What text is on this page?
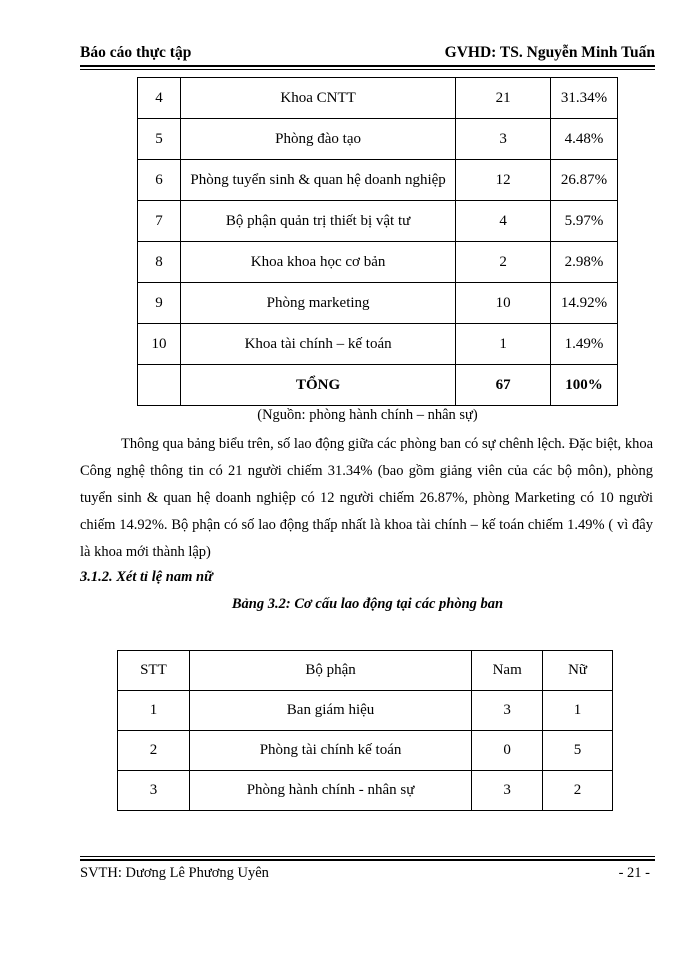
Báo cáo thực tập	GVHD: TS. Nguyễn Minh Tuấn
4	Khoa CNTT	21	31.34%
5	Phòng đào tạo	3	4.48%
6	Phòng tuyển sinh & quan hệ doanh nghiệp	12	26.87%
7	Bộ phận quản trị thiết bị vật tư	4	5.97%
8	Khoa khoa học cơ bản	2	2.98%
9	Phòng marketing	10	14.92%
10	Khoa tài chính – kế toán	1	1.49%
	TỔNG	67	100%
(Nguồn: phòng hành chính – nhân sự)

Thông qua bảng biểu trên, số lao động giữa các phòng ban có sự chênh lệch. Đặc biệt, khoa Công nghệ thông tin có 21 người chiếm 31.34% (bao gồm giảng viên của các bộ môn), phòng tuyển sinh & quan hệ doanh nghiệp có 12 người chiếm 26.87%, phòng Marketing có 10 người chiếm 14.92%. Bộ phận có số lao động thấp nhất là khoa tài chính – kế toán chiếm 1.49% ( vì đây là khoa mới thành lập)

3.1.2. Xét tỉ lệ nam nữ
Bảng 3.2: Cơ cấu lao động tại các phòng ban
STT	Bộ phận	Nam	Nữ
1	Ban giám hiệu	3	1
2	Phòng tài chính kế toán	0	5
3	Phòng hành chính - nhân sự	3	2
SVTH: Dương Lê Phương Uyên	- 21 -
